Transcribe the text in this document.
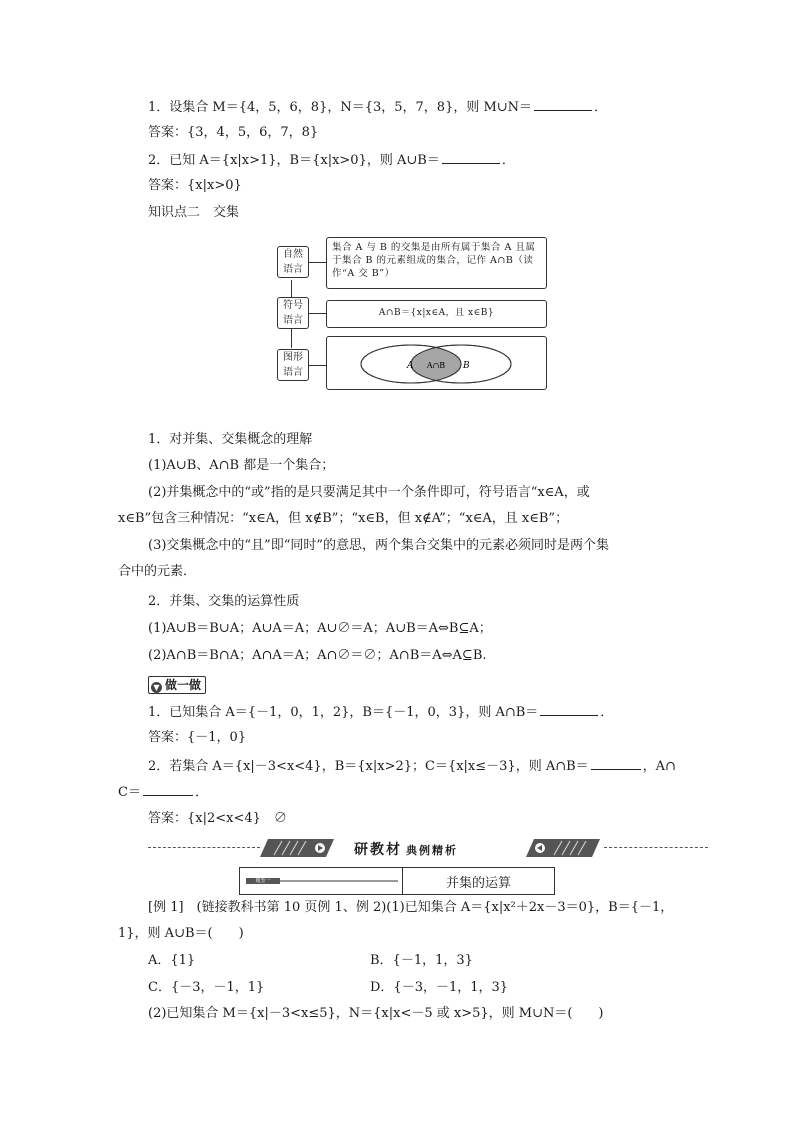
1．设集合 M＝{4，5，6，8}，N＝{3，5，7，8}，则 M∪N＝	．
答案：{3，4，5，6，7，8}
2．已知 A＝{x|x>1}，B＝{x|x>0}，则 A∪B＝	．
答案：{x|x>0}
知识点二　交集
自然
语言
集合 A 与 B 的交集是由所有属于集合 A 且属于集合 B 的元素组成的集合，记作 A∩B（读作“A 交 B”）
符号
语言
A∩B＝{x|x∈A，且 x∈B}
图形
语言
A	B
A∩B
1．对并集、交集概念的理解
(1)A∪B、A∩B 都是一个集合；
(2)并集概念中的“或”指的是只要满足其中一个条件即可，符号语言“x∈A，或
x∈B”包含三种情况：“x∈A，但 x∉B”；“x∈B，但 x∉A”；“x∈A，且 x∈B”；
(3)交集概念中的“且”即“同时”的意思，两个集合交集中的元素必须同时是两个集
合中的元素．
2．并集、交集的运算性质
(1)A∪B＝B∪A；A∪A＝A；A∪∅＝A；A∪B＝A⇔B⊆A；
(2)A∩B＝B∩A；A∩A＝A；A∩∅＝∅；A∩B＝A⇔A⊆B.
▼ 做一做
1．已知集合 A＝{－1，0，1，2}，B＝{－1，0，3}，则 A∩B＝	．
答案：{－1，0}
2．若集合 A＝{x|－3<x<4}，B＝{x|x>2}；C＝{x|x≤－3}，则 A∩B＝	，A∩
C＝	．
答案：{x|2<x<4}　∅
研教材 典例精析
题型一	并集的运算
[例 1]　(链接教科书第 10 页例 1、例 2)(1)已知集合 A＝{x|x²＋2x－3＝0}，B＝{－1，
1}，则 A∪B＝(　　)
A．{1}	B．{－1，1，3}
C．{－3，－1，1}	D．{－3，－1，1，3}
(2)已知集合 M＝{x|－3<x≤5}，N＝{x|x<－5 或 x>5}，则 M∪N＝(　　)
